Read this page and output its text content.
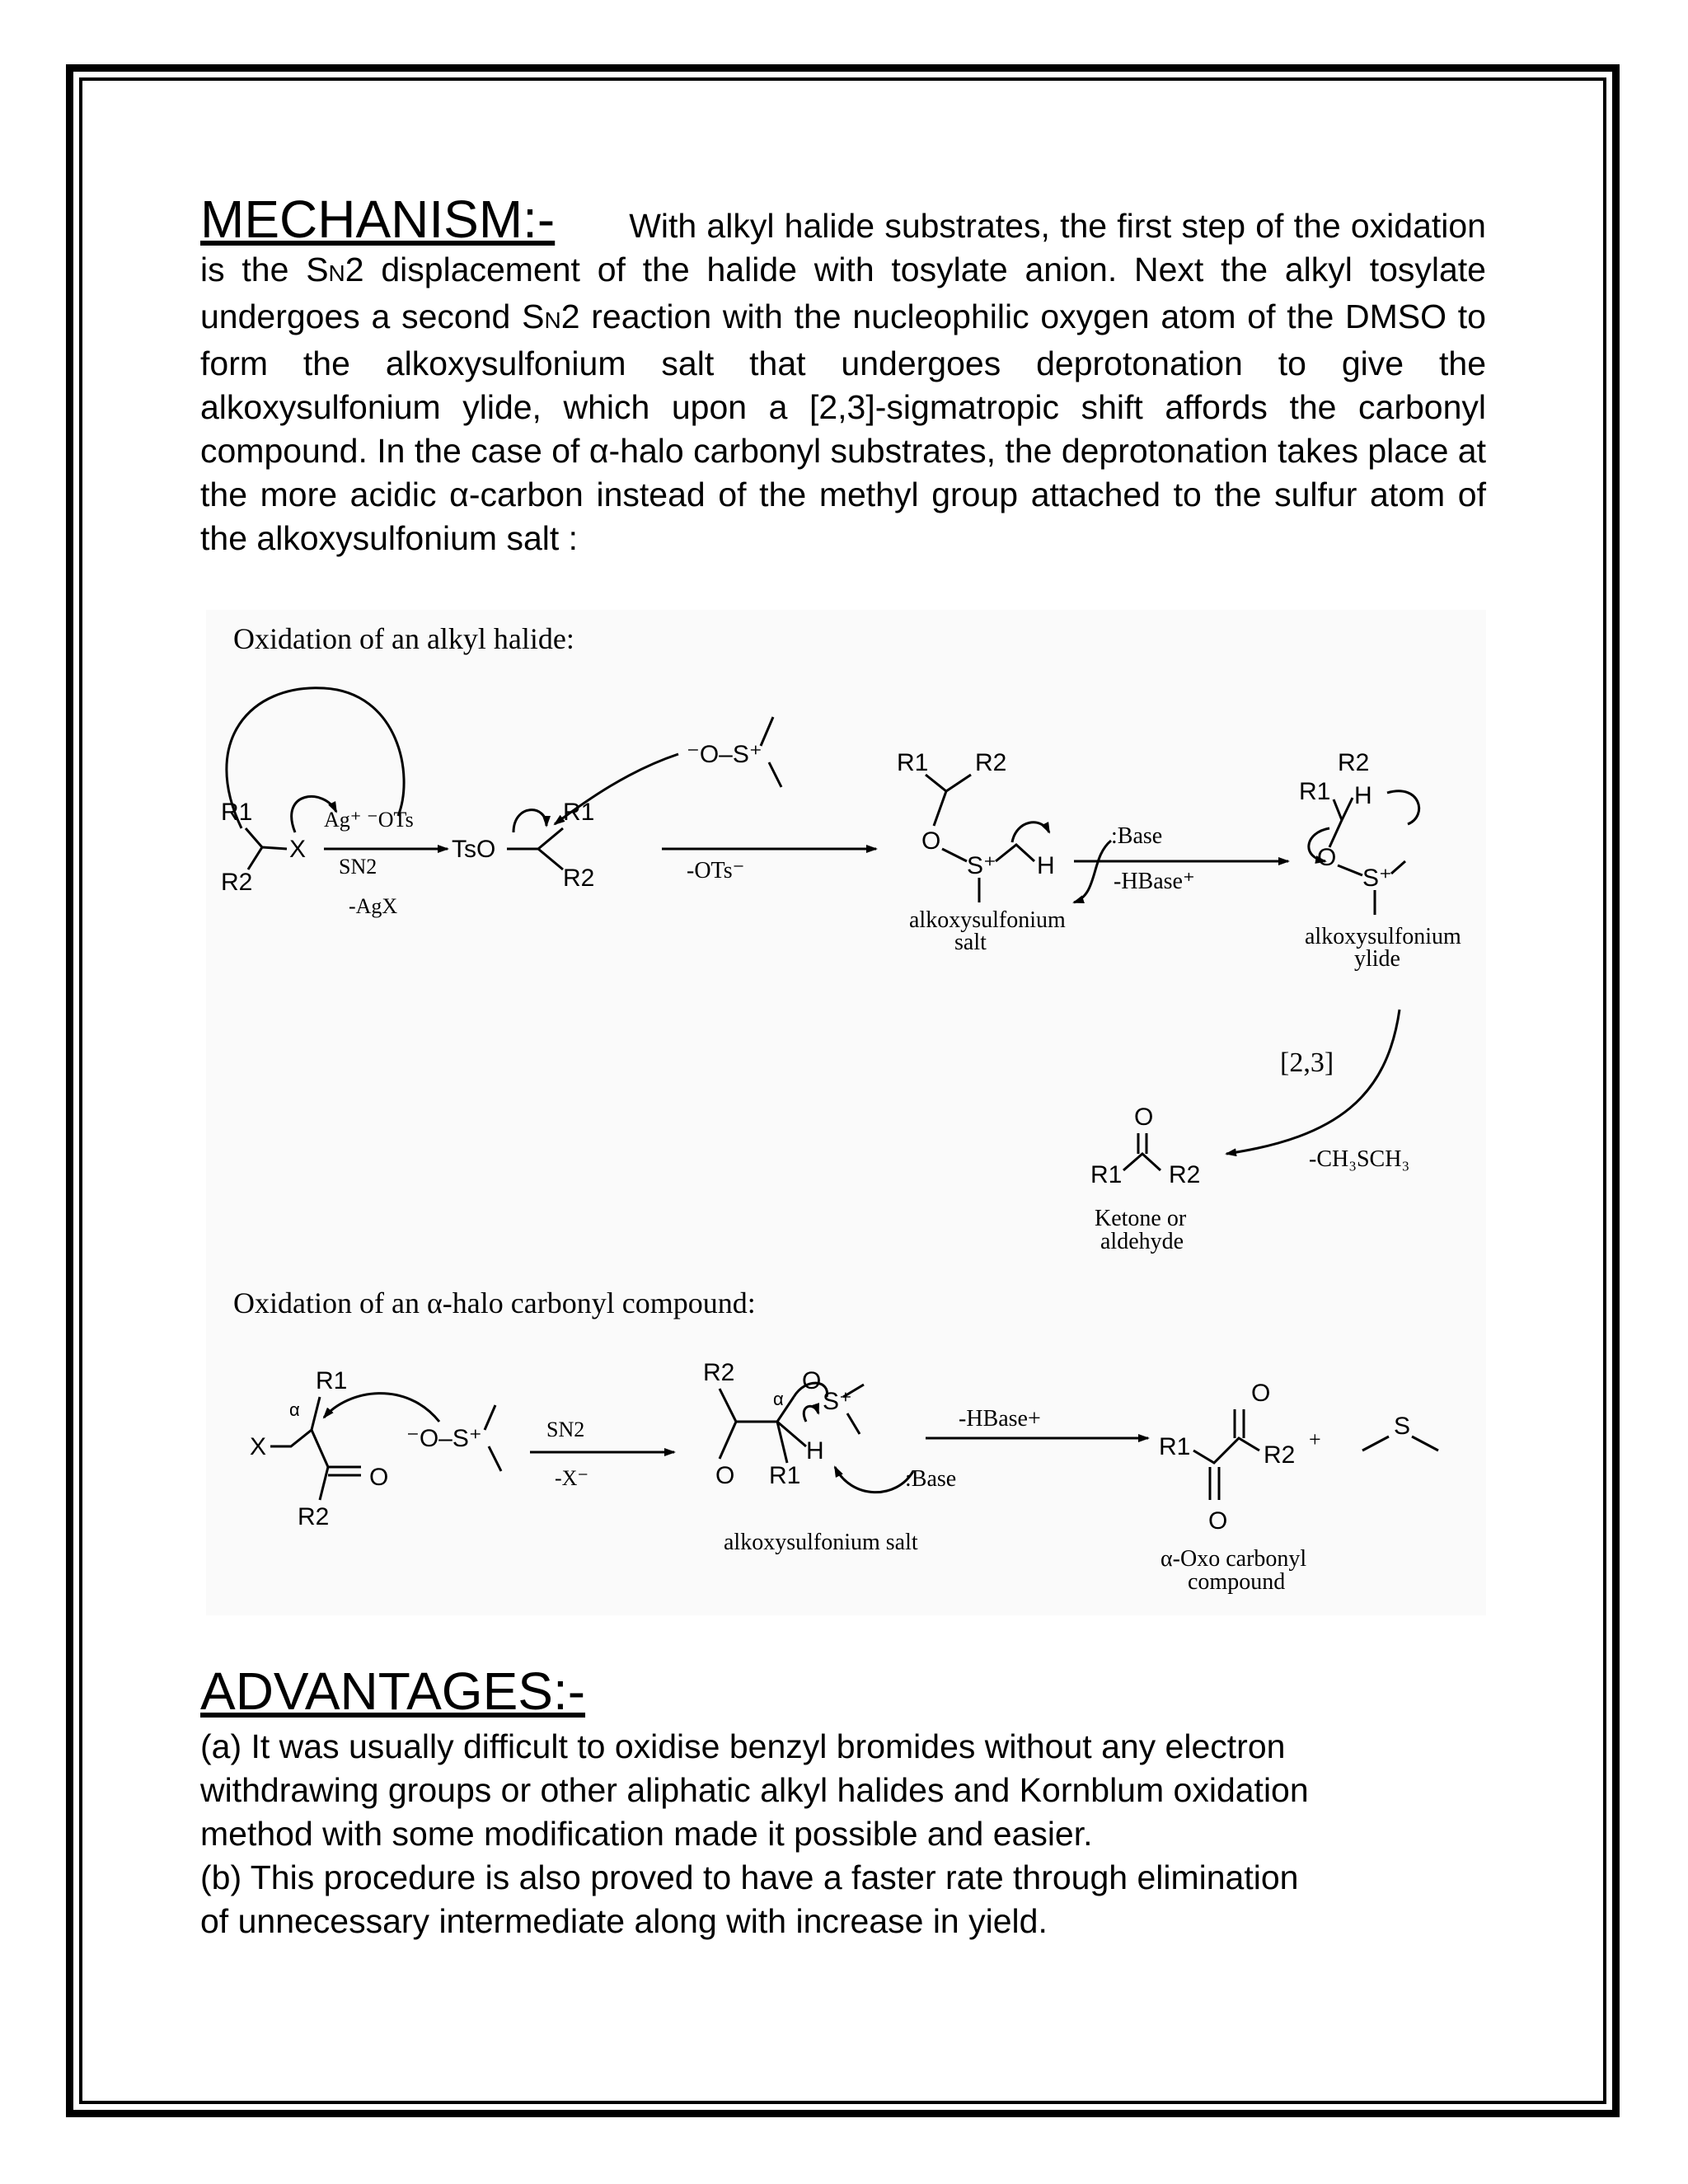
MECHANISM:- With alkyl halide substrates, the first step of the oxidation is the SN2 displacement of the halide with tosylate anion. Next the alkyl tosylate undergoes a second SN2 reaction with the nucleophilic oxygen atom of the DMSO to form the alkoxysulfonium salt that undergoes deprotonation to give the alkoxysulfonium ylide, which upon a [2,3]-sigmatropic shift affords the carbonyl compound. In the case of α-halo carbonyl substrates, the deprotonation takes place at the more acidic α-carbon instead of the methyl group attached to the sulfur atom of the alkoxysulfonium salt :

Oxidation of an alkyl halide:
R1
R2
X
Ag⁺ ⁻OTs
SN2
-AgX
TsO
R1
R2
⁻O–S⁺
-OTs⁻
R1 R2
O
S⁺ H
alkoxysulfonium
salt
:Base
-HBase⁺
R1
R2
H
O
S⁺
alkoxysulfonium
ylide
[2,3]
-CH₃SCH₃
O
R1 R2
Ketone or
aldehyde
Oxidation of an α-halo carbonyl compound:
X
R1
R2
O
α
⁻O–S⁺	SN2
-X⁻
R2
O R1
H
O
S⁺
α
:Base
alkoxysulfonium salt
-HBase+
R1	R2
O
O
+	S
α-Oxo carbonyl
compound

ADVANTAGES:-

(a) It was usually difficult to oxidise benzyl bromides without any electron

withdrawing groups or other aliphatic alkyl halides and Kornblum oxidation

method with some modification made it possible and easier.

(b) This procedure is also proved to have a faster rate through elimination

of unnecessary intermediate along with increase in yield.
